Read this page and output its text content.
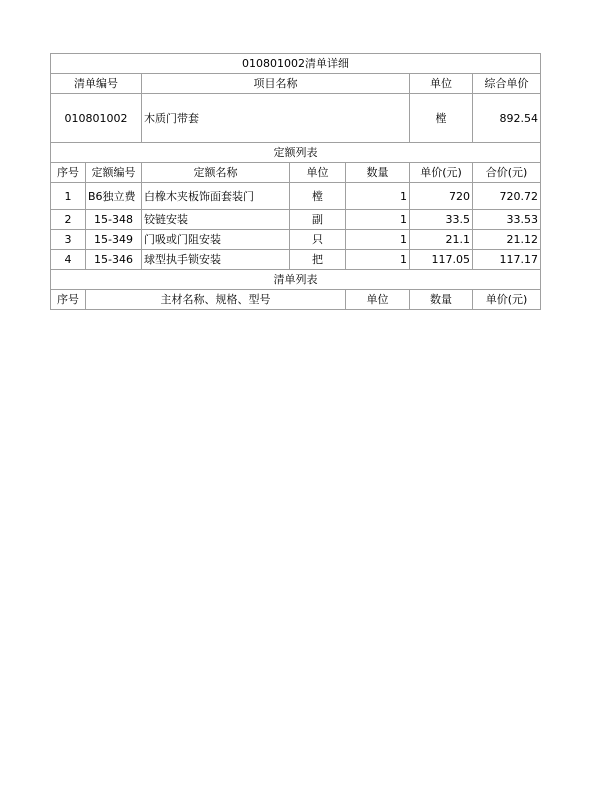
010801002清单详细						
清单编号		项目名称			单位	综合单价
010801002		木质门带套			樘	892.54
定额列表						
序号	定额编号	定额名称	单位	数量	单价(元)	合价(元)
1	B6独立费	白橡木夹板饰面套装门	樘	1	720	720.72
2	15-348	铰链安装	副	1	33.5	33.53
3	15-349	门吸或门阻安装	只	1	21.1	21.12
4	15-346	球型执手锁安装	把	1	117.05	117.17
清单列表						
序号	主材名称、规格、型号			单位	数量	单价(元)
